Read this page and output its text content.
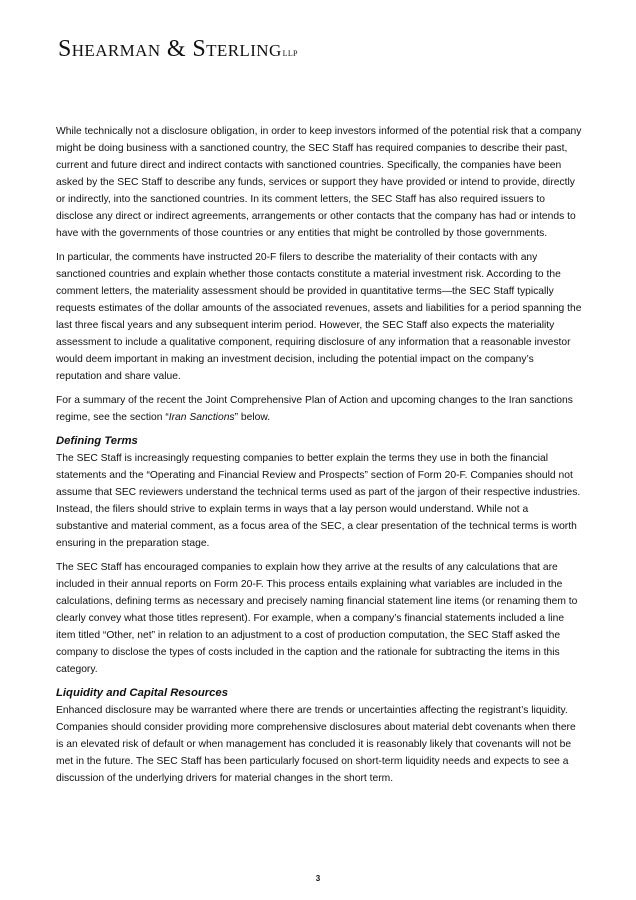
Shearman & SterlingLLP

While technically not a disclosure obligation, in order to keep investors informed of the potential risk that a company might be doing business with a sanctioned country, the SEC Staff has required companies to describe their past, current and future direct and indirect contacts with sanctioned countries. Specifically, the companies have been asked by the SEC Staff to describe any funds, services or support they have provided or intend to provide, directly or indirectly, into the sanctioned countries. In its comment letters, the SEC Staff has also required issuers to disclose any direct or indirect agreements, arrangements or other contacts that the company has had or intends to have with the governments of those countries or any entities that might be controlled by those governments.

In particular, the comments have instructed 20-F filers to describe the materiality of their contacts with any sanctioned countries and explain whether those contacts constitute a material investment risk. According to the comment letters, the materiality assessment should be provided in quantitative terms—the SEC Staff typically requests estimates of the dollar amounts of the associated revenues, assets and liabilities for a period spanning the last three fiscal years and any subsequent interim period. However, the SEC Staff also expects the materiality assessment to include a qualitative component, requiring disclosure of any information that a reasonable investor would deem important in making an investment decision, including the potential impact on the company’s reputation and share value.

For a summary of the recent the Joint Comprehensive Plan of Action and upcoming changes to the Iran sanctions regime, see the section “Iran Sanctions” below.

Defining Terms

The SEC Staff is increasingly requesting companies to better explain the terms they use in both the financial statements and the “Operating and Financial Review and Prospects” section of Form 20-F. Companies should not assume that SEC reviewers understand the technical terms used as part of the jargon of their respective industries. Instead, the filers should strive to explain terms in ways that a lay person would understand. While not a substantive and material comment, as a focus area of the SEC, a clear presentation of the technical terms is worth ensuring in the preparation stage.

The SEC Staff has encouraged companies to explain how they arrive at the results of any calculations that are included in their annual reports on Form 20-F. This process entails explaining what variables are included in the calculations, defining terms as necessary and precisely naming financial statement line items (or renaming them to clearly convey what those titles represent). For example, when a company’s financial statements included a line item titled “Other, net” in relation to an adjustment to a cost of production computation, the SEC Staff asked the company to disclose the types of costs included in the caption and the rationale for subtracting the items in this category.

Liquidity and Capital Resources

Enhanced disclosure may be warranted where there are trends or uncertainties affecting the registrant’s liquidity. Companies should consider providing more comprehensive disclosures about material debt covenants when there is an elevated risk of default or when management has concluded it is reasonably likely that covenants will not be met in the future. The SEC Staff has been particularly focused on short-term liquidity needs and expects to see a discussion of the underlying drivers for material changes in the short term.

3
